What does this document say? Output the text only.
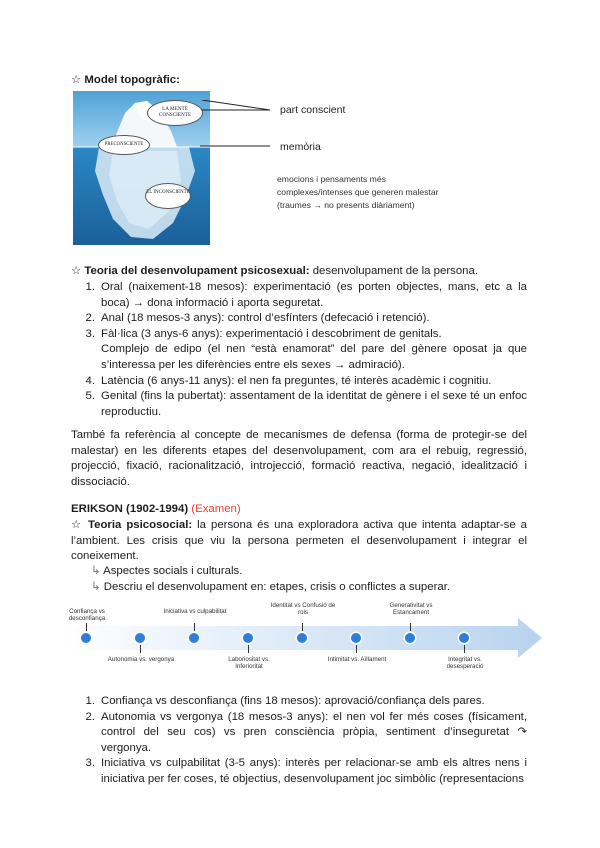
☆ Model topogràfic:
LA MENTE CONSCIENTE
PRECONSCIENTE
EL INCONSCIENTE
part conscient
memòria
emocions i pensaments més
complexes/intenses que generen malestar
(traumes → no presents diàriament)
☆ Teoria del desenvolupament psicosexual: desenvolupament de la persona.
1. Oral (naixement-18 mesos): experimentació (es porten objectes, mans, etc a la boca) → dona informació i aporta seguretat.
2. Anal (18 mesos-3 anys): control d’esfínters (defecació i retenció).
3. Fàl·lica (3 anys-6 anys): experimentació i descobriment de genitals.
Complejo de edipo (el nen “està enamorat” del pare del gènere oposat ja que s’interessa per les diferències entre els sexes → admiració).
4. Latència (6 anys-11 anys): el nen fa preguntes, té interès acadèmic i cognitiu.
5. Genital (fins la pubertat): assentament de la identitat de gènere i el sexe té un enfoc reproductiu.
També fa referència al concepte de mecanismes de defensa (forma de protegir-se del malestar) en les diferents etapes del desenvolupament, com ara el rebuig, regressió, projecció, fixació, racionalització, introjecció, formació reactiva, negació, idealització i dissociació.
ERIKSON (1902-1994) (Examen)
☆ Teoria psicosocial: la persona és una exploradora activa que intenta adaptar-se a l’ambient. Les crisis que viu la persona permeten el desenvolupament i integrar el coneixement.
↳ Aspectes socials i culturals.
↳ Descriu el desenvolupament en: etapes, crisis o conflictes a superar.
Confiança vs desconfiança
Iniciativa vs culpabilitat
Identitat vs Confusió de rols
Generativitat vs Estancament
Autonomia vs. vergonya	Laboriositat vs. Inferioritat
Intimitat vs. Aïllament	Integritat vs. desesperació
1. Confiança vs desconfiança (fins 18 mesos): aprovació/confiança dels pares.
2. Autonomia vs vergonya (18 mesos-3 anys): el nen vol fer més coses (físicament, control del seu cos) vs pren consciència pròpia, sentiment d’inseguretat ↷ vergonya.
3. Iniciativa vs culpabilitat (3-5 anys): interès per relacionar-se amb els altres nens i iniciativa per fer coses, té objectius, desenvolupament joc simbòlic (representacions
